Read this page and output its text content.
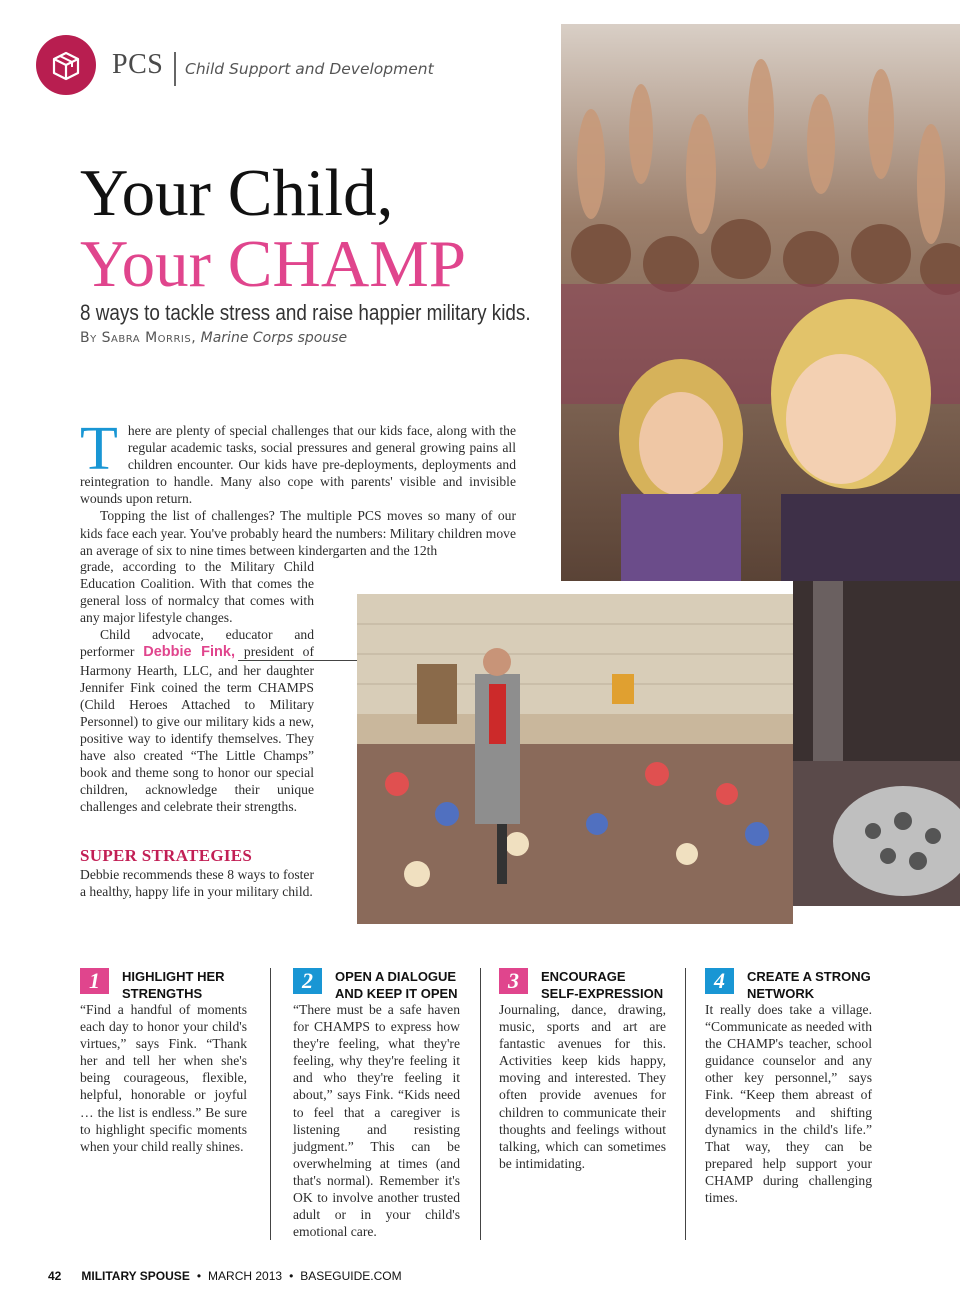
PCS Child Support and Development
Your Child,
Your CHAMP
8 ways to tackle stress and raise happier military kids.
By Sabra Morris, Marine Corps spouse

There are plenty of special challenges that our kids face, along with the regular academic tasks, social pressures and general growing pains all children encounter. Our kids have pre-deployments, deployments and reintegration to handle. Many also cope with parents' visible and invisible wounds upon return.

Topping the list of challenges? The multiple PCS moves so many of our kids face each year. You've probably heard the numbers: Military children move an average of six to nine times between kindergarten and the 12th

grade, according to the Military Child Education Coalition. With that comes the general loss of normalcy that comes with any major lifestyle changes.

Child advocate, educator and performer Debbie Fink, president of Harmony Hearth, LLC, and her daughter Jennifer Fink coined the term CHAMPS (Child Heroes Attached to Military Personnel) to give our military kids a new, positive way to identify themselves. They have also created “The Little Champs” book and theme song to honor our special children, acknowledge their unique challenges and celebrate their strengths.

SUPER STRATEGIES
Debbie recommends these 8 ways to foster a healthy, happy life in your military child.
1	HIGHLIGHT HER
STRENGTHS
“Find a handful of moments each day to honor your child's virtues,” says Fink. “Thank her and tell her when she's being courageous, flexible, helpful, honorable or joyful … the list is endless.” Be sure to highlight specific moments when your child really shines.
2	OPEN A DIALOGUE
AND KEEP IT OPEN
“There must be a safe haven for CHAMPS to express how they're feeling, what they're feeling, why they're feeling it and who they're feeling it about,” says Fink. “Kids need to feel that a caregiver is listening and resisting judgment.” This can be overwhelming at times (and that's normal). Remember it's OK to involve another trusted adult or in your child's emotional care.
3	ENCOURAGE
SELF-EXPRESSION
Journaling, dance, drawing, music, sports and art are fantastic avenues for this. Activities keep kids happy, moving and interested. They often provide avenues for children to communicate their thoughts and feelings without talking, which can sometimes be intimidating.
4	CREATE A STRONG
NETWORK
It really does take a village. “Communicate as needed with the CHAMP's teacher, school guidance counselor and any other key personnel,” says Fink. “Keep them abreast of developments and shifting dynamics in the child's life.” That way, they can be prepared help support your CHAMP during challenging times.
42 MILITARY SPOUSE • MARCH 2013 • BASEGUIDE.COM
